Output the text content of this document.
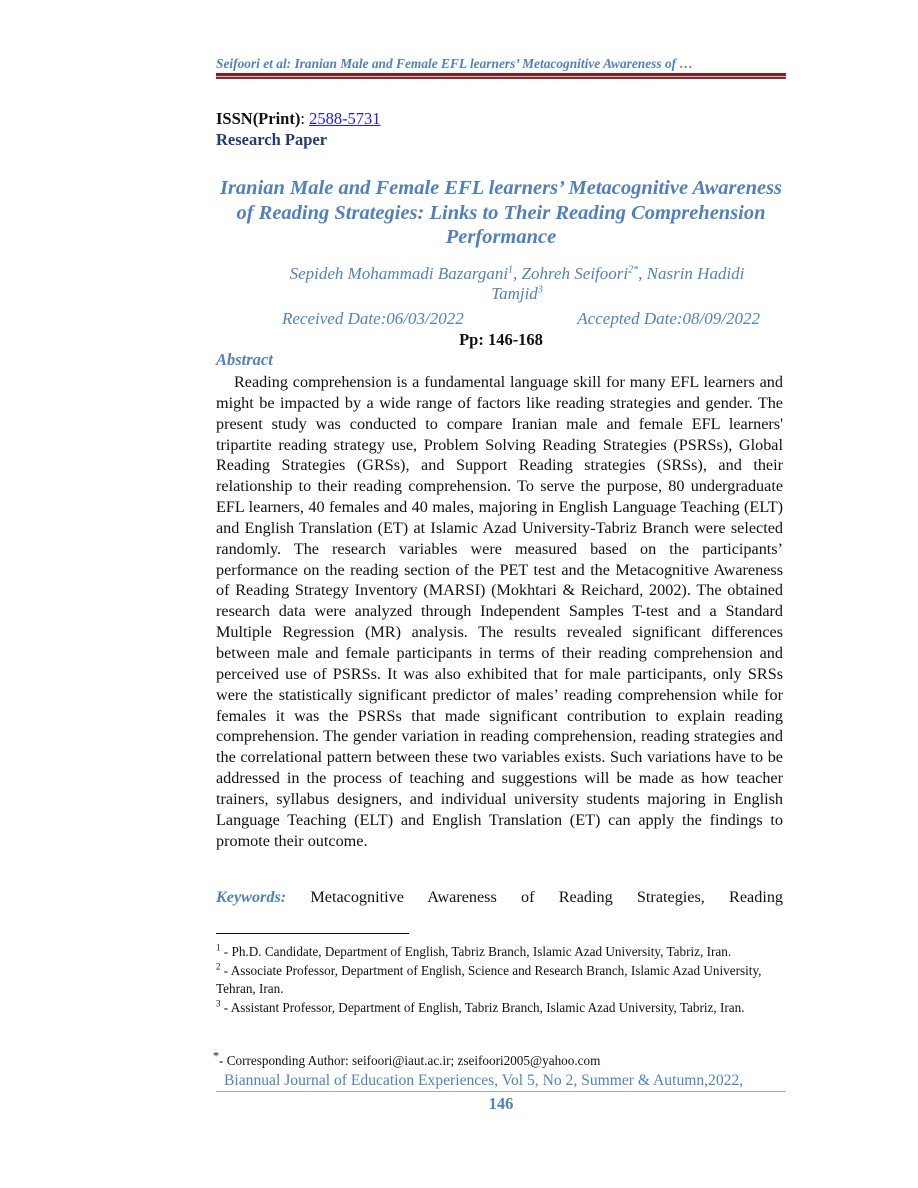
Seifoori et al: Iranian Male and Female EFL learners’ Metacognitive Awareness of …
ISSN(Print): 2588-5731
Research Paper
Iranian Male and Female EFL learners’ Metacognitive Awareness of Reading Strategies: Links to Their Reading Comprehension Performance
Sepideh Mohammadi Bazargani$^1$, Zohreh Seifoori$^{2*}$, Nasrin Hadidi Tamjid$^3$
Received Date:06/03/2022	Accepted Date:08/09/2022
Pp: 146-168
Abstract
Reading comprehension is a fundamental language skill for many EFL learners and might be impacted by a wide range of factors like reading strategies and gender. The present study was conducted to compare Iranian male and female EFL learners' tripartite reading strategy use, Problem Solving Reading Strategies (PSRSs), Global Reading Strategies (GRSs), and Support Reading strategies (SRSs), and their relationship to their reading comprehension. To serve the purpose, 80 undergraduate EFL learners, 40 females and 40 males, majoring in English Language Teaching (ELT) and English Translation (ET) at Islamic Azad University-Tabriz Branch were selected randomly. The research variables were measured based on the participants’ performance on the reading section of the PET test and the Metacognitive Awareness of Reading Strategy Inventory (MARSI) (Mokhtari & Reichard, 2002). The obtained research data were analyzed through Independent Samples T-test and a Standard Multiple Regression (MR) analysis. The results revealed significant differences between male and female participants in terms of their reading comprehension and perceived use of PSRSs. It was also exhibited that for male participants, only SRSs were the statistically significant predictor of males’ reading comprehension while for females it was the PSRSs that made significant contribution to explain reading comprehension. The gender variation in reading comprehension, reading strategies and the correlational pattern between these two variables exists. Such variations have to be addressed in the process of teaching and suggestions will be made as how teacher trainers, syllabus designers, and individual university students majoring in English Language Teaching (ELT) and English Translation (ET) can apply the findings to promote their outcome.
Keywords: Metacognitive Awareness of Reading Strategies, Reading

$^1$ - Ph.D. Candidate, Department of English, Tabriz Branch, Islamic Azad University, Tabriz, Iran.

$^2$ - Associate Professor, Department of English, Science and Research Branch, Islamic Azad University, Tehran, Iran.

$^3$ - Assistant Professor, Department of English, Tabriz Branch, Islamic Azad University, Tabriz, Iran.

*- Corresponding Author: seifoori@iaut.ac.ir; zseifoori2005@yahoo.com
Biannual Journal of Education Experiences, Vol 5, No 2, Summer & Autumn,2022,
146
